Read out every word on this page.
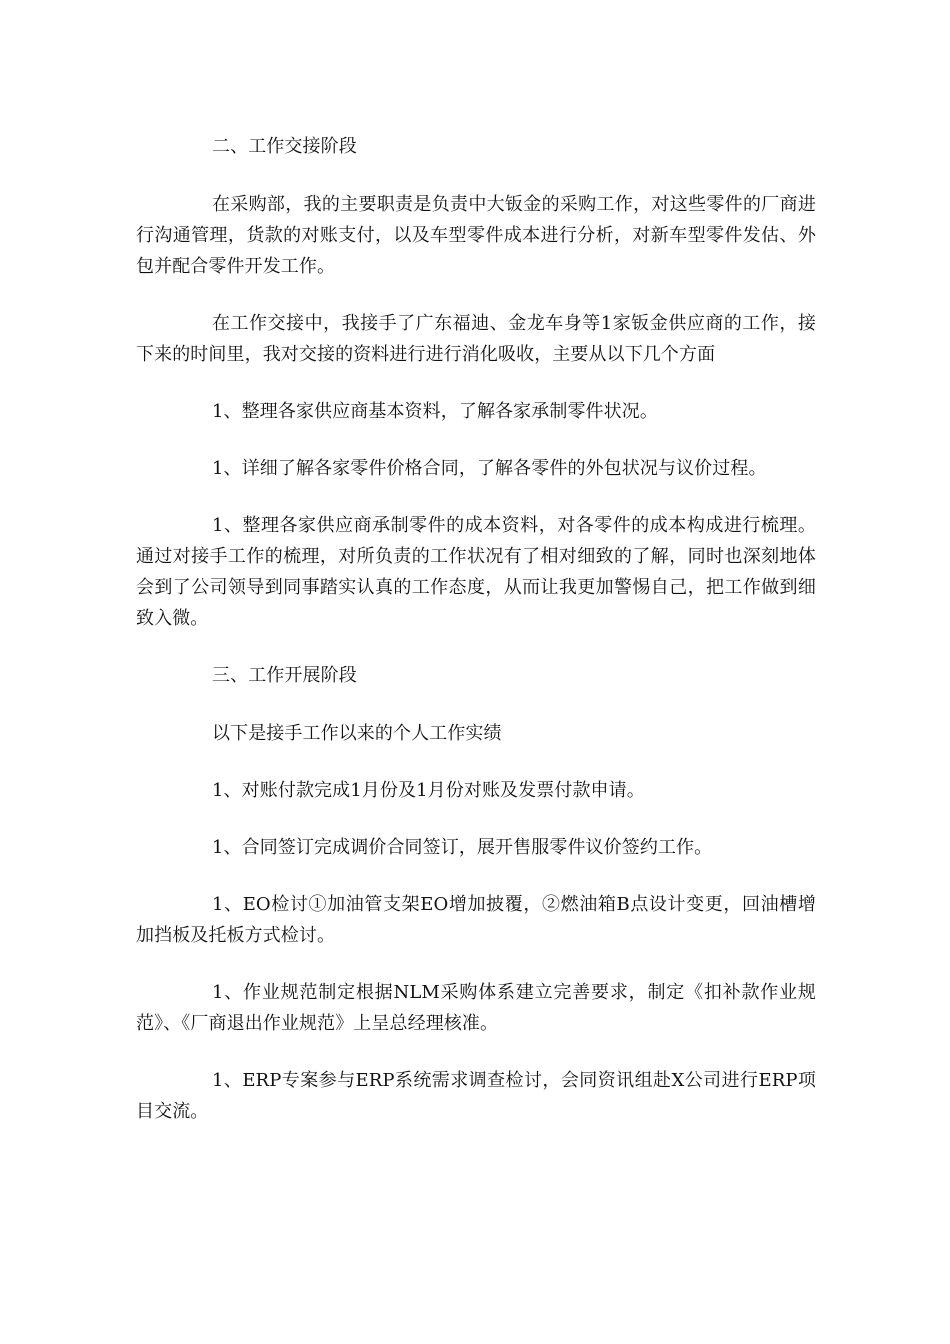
二、工作交接阶段

在采购部，我的主要职责是负责中大钣金的采购工作，对这些零件的厂商进行沟通管理，货款的对账支付，以及车型零件成本进行分析，对新车型零件发估、外包并配合零件开发工作。

在工作交接中，我接手了广东福迪、金龙车身等1家钣金供应商的工作，接下来的时间里，我对交接的资料进行进行消化吸收，主要从以下几个方面

1、整理各家供应商基本资料，了解各家承制零件状况。

1、详细了解各家零件价格合同，了解各零件的外包状况与议价过程。

1、整理各家供应商承制零件的成本资料，对各零件的成本构成进行梳理。通过对接手工作的梳理，对所负责的工作状况有了相对细致的了解，同时也深刻地体会到了公司领导到同事踏实认真的工作态度，从而让我更加警惕自己，把工作做到细致入微。

三、工作开展阶段

以下是接手工作以来的个人工作实绩

1、对账付款完成1月份及1月份对账及发票付款申请。

1、合同签订完成调价合同签订，展开售服零件议价签约工作。

1、EO检讨①加油管支架EO增加披覆，②燃油箱B点设计变更，回油槽增加挡板及托板方式检讨。

1、作业规范制定根据NLM采购体系建立完善要求，制定《扣补款作业规范》、《厂商退出作业规范》上呈总经理核准。

1、ERP专案参与ERP系统需求调查检讨，会同资讯组赴X公司进行ERP项目交流。
